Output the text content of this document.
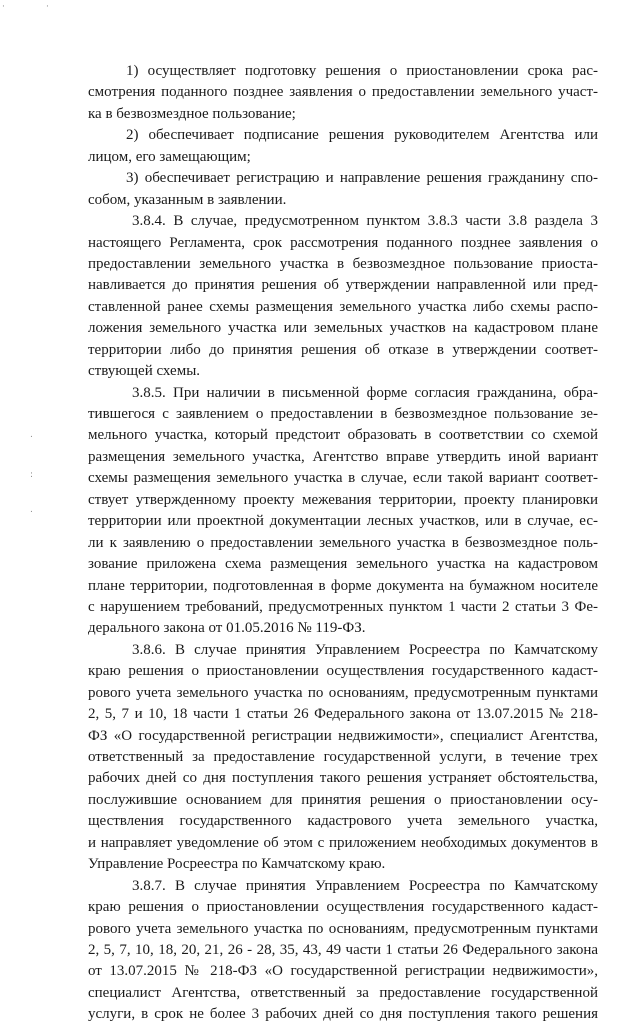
·	·
.
:
.
1) осуществляет подготовку решения о приостановлении срока рас-
смотрения поданного позднее заявления о предоставлении земельного участ-
ка в безвозмездное пользование;
2) обеспечивает подписание решения руководителем Агентства или
лицом, его замещающим;
3) обеспечивает регистрацию и направление решения гражданину спо-
собом, указанным в заявлении.
3.8.4. В случае, предусмотренном пунктом 3.8.3 части 3.8 раздела 3
настоящего Регламента, срок рассмотрения поданного позднее заявления о
предоставлении земельного участка в безвозмездное пользование приоста-
навливается до принятия решения об утверждении направленной или пред-
ставленной ранее схемы размещения земельного участка либо схемы распо-
ложения земельного участка или земельных участков на кадастровом плане
территории либо до принятия решения об отказе в утверждении соответ-
ствующей схемы.
3.8.5. При наличии в письменной форме согласия гражданина, обра-
тившегося с заявлением о предоставлении в безвозмездное пользование зе-
мельного участка, который предстоит образовать в соответствии со схемой
размещения земельного участка, Агентство вправе утвердить иной вариант
схемы размещения земельного участка в случае, если такой вариант соответ-
ствует утвержденному проекту межевания территории, проекту планировки
территории или проектной документации лесных участков, или в случае, ес-
ли к заявлению о предоставлении земельного участка в безвозмездное поль-
зование приложена схема размещения земельного участка на кадастровом
плане территории, подготовленная в форме документа на бумажном носителе
с нарушением требований, предусмотренных пунктом 1 части 2 статьи 3 Фе-
дерального закона от 01.05.2016 № 119-ФЗ.
3.8.6. В случае принятия Управлением Росреестра по Камчатскому
краю решения о приостановлении осуществления государственного кадаст-
рового учета земельного участка по основаниям, предусмотренным пунктами
2, 5, 7 и 10, 18 части 1 статьи 26 Федерального закона от 13.07.2015 № 218-
ФЗ «О государственной регистрации недвижимости», специалист Агентства,
ответственный за предоставление государственной услуги, в течение трех
рабочих дней со дня поступления такого решения устраняет обстоятельства,
послужившие основанием для принятия решения о приостановлении осу-
ществления государственного кадастрового учета земельного участка,
и направляет уведомление об этом с приложением необходимых документов в
Управление Росреестра по Камчатскому краю.
3.8.7. В случае принятия Управлением Росреестра по Камчатскому
краю решения о приостановлении осуществления государственного кадаст-
рового учета земельного участка по основаниям, предусмотренным пунктами
2, 5, 7, 10, 18, 20, 21, 26 - 28, 35, 43, 49 части 1 статьи 26 Федерального закона
от 13.07.2015 № 218-ФЗ «О государственной регистрации недвижимости»,
специалист Агентства, ответственный за предоставление государственной
услуги, в срок не более 3 рабочих дней со дня поступления такого решения
